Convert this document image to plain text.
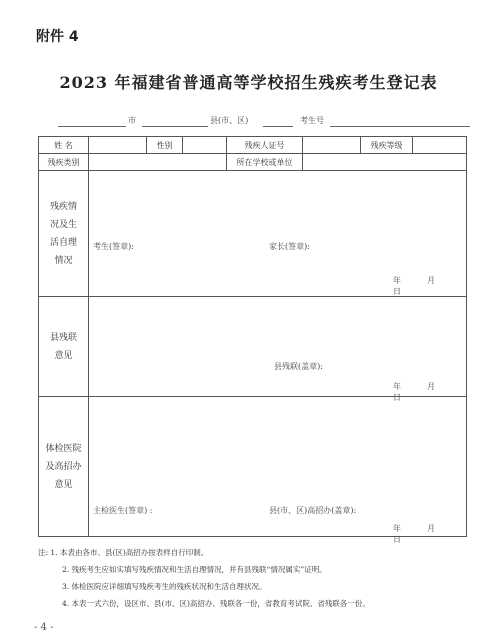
附件 4
2023 年福建省普通高等学校招生残疾考生登记表
市	县(市、区)	考生号
姓 名		性别		残疾人证号		残疾等级	
残疾类别				所在学校或单位			

残疾情况及生活自理情况	考生(签章): 家长(签章):
年 月日						

县残联意见	县残联(盖章):
年 月日						

体检医院及高招办意见	主检医生(签章) : 县(市、区)高招办(盖章):
年 月日						
注: 1. 本表由各市、县(区)高招办按表样自行印制。
2. 残疾考生应如实填写残疾情况和生活自理情况，并有县残联“情况属实”证明。
3. 体检医院应详细填写残疾考生的残疾状况和生活自理状况。
4. 本表一式六份，设区市、县(市、区)高招办、残联各一份，省教育考试院、省残联各一份。
- 4 -
